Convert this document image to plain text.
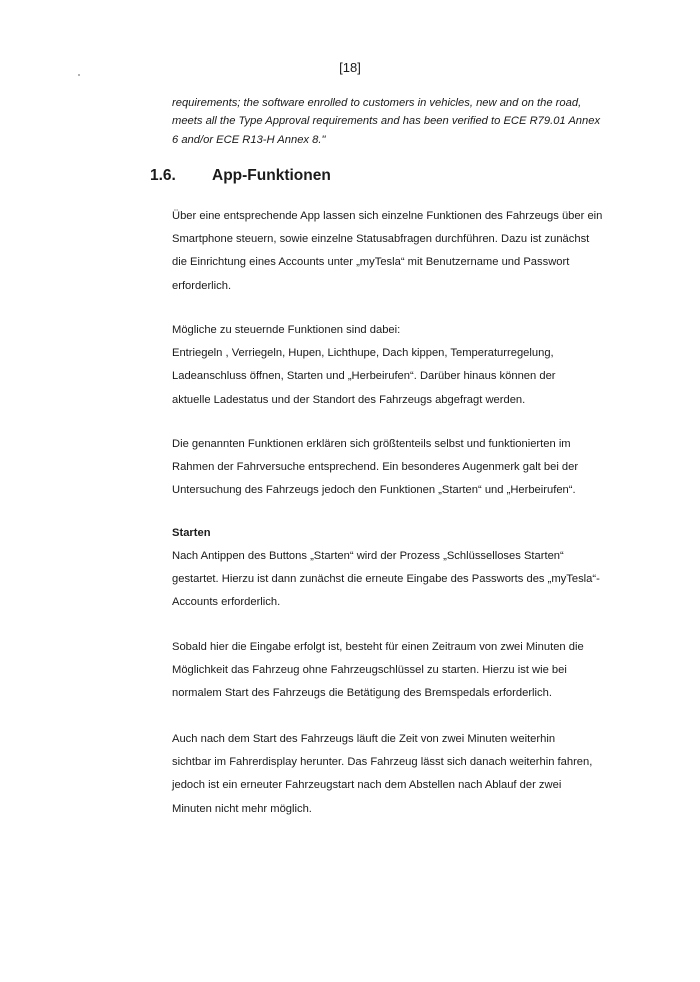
[18]
requirements; the software enrolled to customers in vehicles, new and on the road,
meets all the Type Approval requirements and has been verified to ECE R79.01 Annex
6 and/or ECE R13-H Annex 8."
1.6. App-Funktionen
Über eine entsprechende App lassen sich einzelne Funktionen des Fahrzeugs über ein
Smartphone steuern, sowie einzelne Statusabfragen durchführen. Dazu ist zunächst
die Einrichtung eines Accounts unter „myTesla“ mit Benutzername und Passwort
erforderlich.
Mögliche zu steuernde Funktionen sind dabei:
Entriegeln , Verriegeln, Hupen, Lichthupe, Dach kippen, Temperaturregelung,
Ladeanschluss öffnen, Starten und „Herbeirufen“. Darüber hinaus können der
aktuelle Ladestatus und der Standort des Fahrzeugs abgefragt werden.
Die genannten Funktionen erklären sich größtenteils selbst und funktionierten im
Rahmen der Fahrversuche entsprechend. Ein besonderes Augenmerk galt bei der
Untersuchung des Fahrzeugs jedoch den Funktionen „Starten“ und „Herbeirufen“.
Starten
Nach Antippen des Buttons „Starten“ wird der Prozess „Schlüsselloses Starten“
gestartet. Hierzu ist dann zunächst die erneute Eingabe des Passworts des „myTesla“-
Accounts erforderlich.
Sobald hier die Eingabe erfolgt ist, besteht für einen Zeitraum von zwei Minuten die
Möglichkeit das Fahrzeug ohne Fahrzeugschlüssel zu starten. Hierzu ist wie bei
normalem Start des Fahrzeugs die Betätigung des Bremspedals erforderlich.
Auch nach dem Start des Fahrzeugs läuft die Zeit von zwei Minuten weiterhin
sichtbar im Fahrerdisplay herunter. Das Fahrzeug lässt sich danach weiterhin fahren,
jedoch ist ein erneuter Fahrzeugstart nach dem Abstellen nach Ablauf der zwei
Minuten nicht mehr möglich.
